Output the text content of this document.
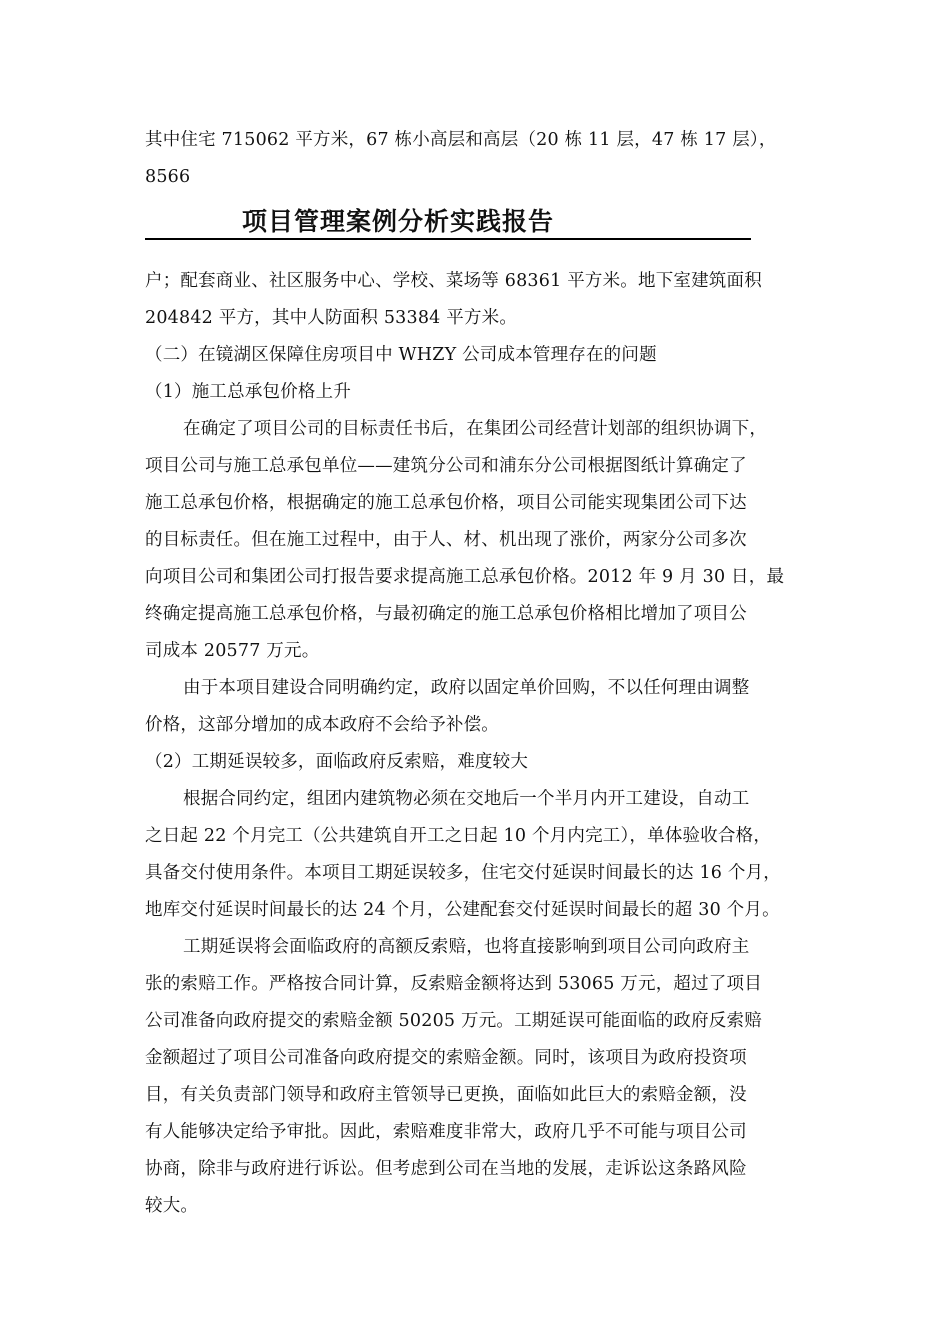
其中住宅 715062 平方米，67 栋小高层和高层（20 栋 11 层，47 栋 17 层），
8566
项目管理案例分析实践报告
户；配套商业、社区服务中心、学校、菜场等 68361 平方米。地下室建筑面积
204842 平方，其中人防面积 53384 平方米。
（二）在镜湖区保障住房项目中 WHZY 公司成本管理存在的问题
（1）施工总承包价格上升
在确定了项目公司的目标责任书后，在集团公司经营计划部的组织协调下，
项目公司与施工总承包单位——建筑分公司和浦东分公司根据图纸计算确定了
施工总承包价格，根据确定的施工总承包价格，项目公司能实现集团公司下达
的目标责任。但在施工过程中，由于人、材、机出现了涨价，两家分公司多次
向项目公司和集团公司打报告要求提高施工总承包价格。2012 年 9 月 30 日，最
终确定提高施工总承包价格，与最初确定的施工总承包价格相比增加了项目公
司成本 20577 万元。
由于本项目建设合同明确约定，政府以固定单价回购，不以任何理由调整
价格，这部分增加的成本政府不会给予补偿。
（2）工期延误较多，面临政府反索赔，难度较大
根据合同约定，组团内建筑物必须在交地后一个半月内开工建设，自动工
之日起 22 个月完工（公共建筑自开工之日起 10 个月内完工），单体验收合格，
具备交付使用条件。本项目工期延误较多，住宅交付延误时间最长的达 16 个月，
地库交付延误时间最长的达 24 个月，公建配套交付延误时间最长的超 30 个月。
工期延误将会面临政府的高额反索赔，也将直接影响到项目公司向政府主
张的索赔工作。严格按合同计算，反索赔金额将达到 53065 万元，超过了项目
公司准备向政府提交的索赔金额 50205 万元。工期延误可能面临的政府反索赔
金额超过了项目公司准备向政府提交的索赔金额。同时，该项目为政府投资项
目，有关负责部门领导和政府主管领导已更换，面临如此巨大的索赔金额，没
有人能够决定给予审批。因此，索赔难度非常大，政府几乎不可能与项目公司
协商，除非与政府进行诉讼。但考虑到公司在当地的发展，走诉讼这条路风险
较大。
